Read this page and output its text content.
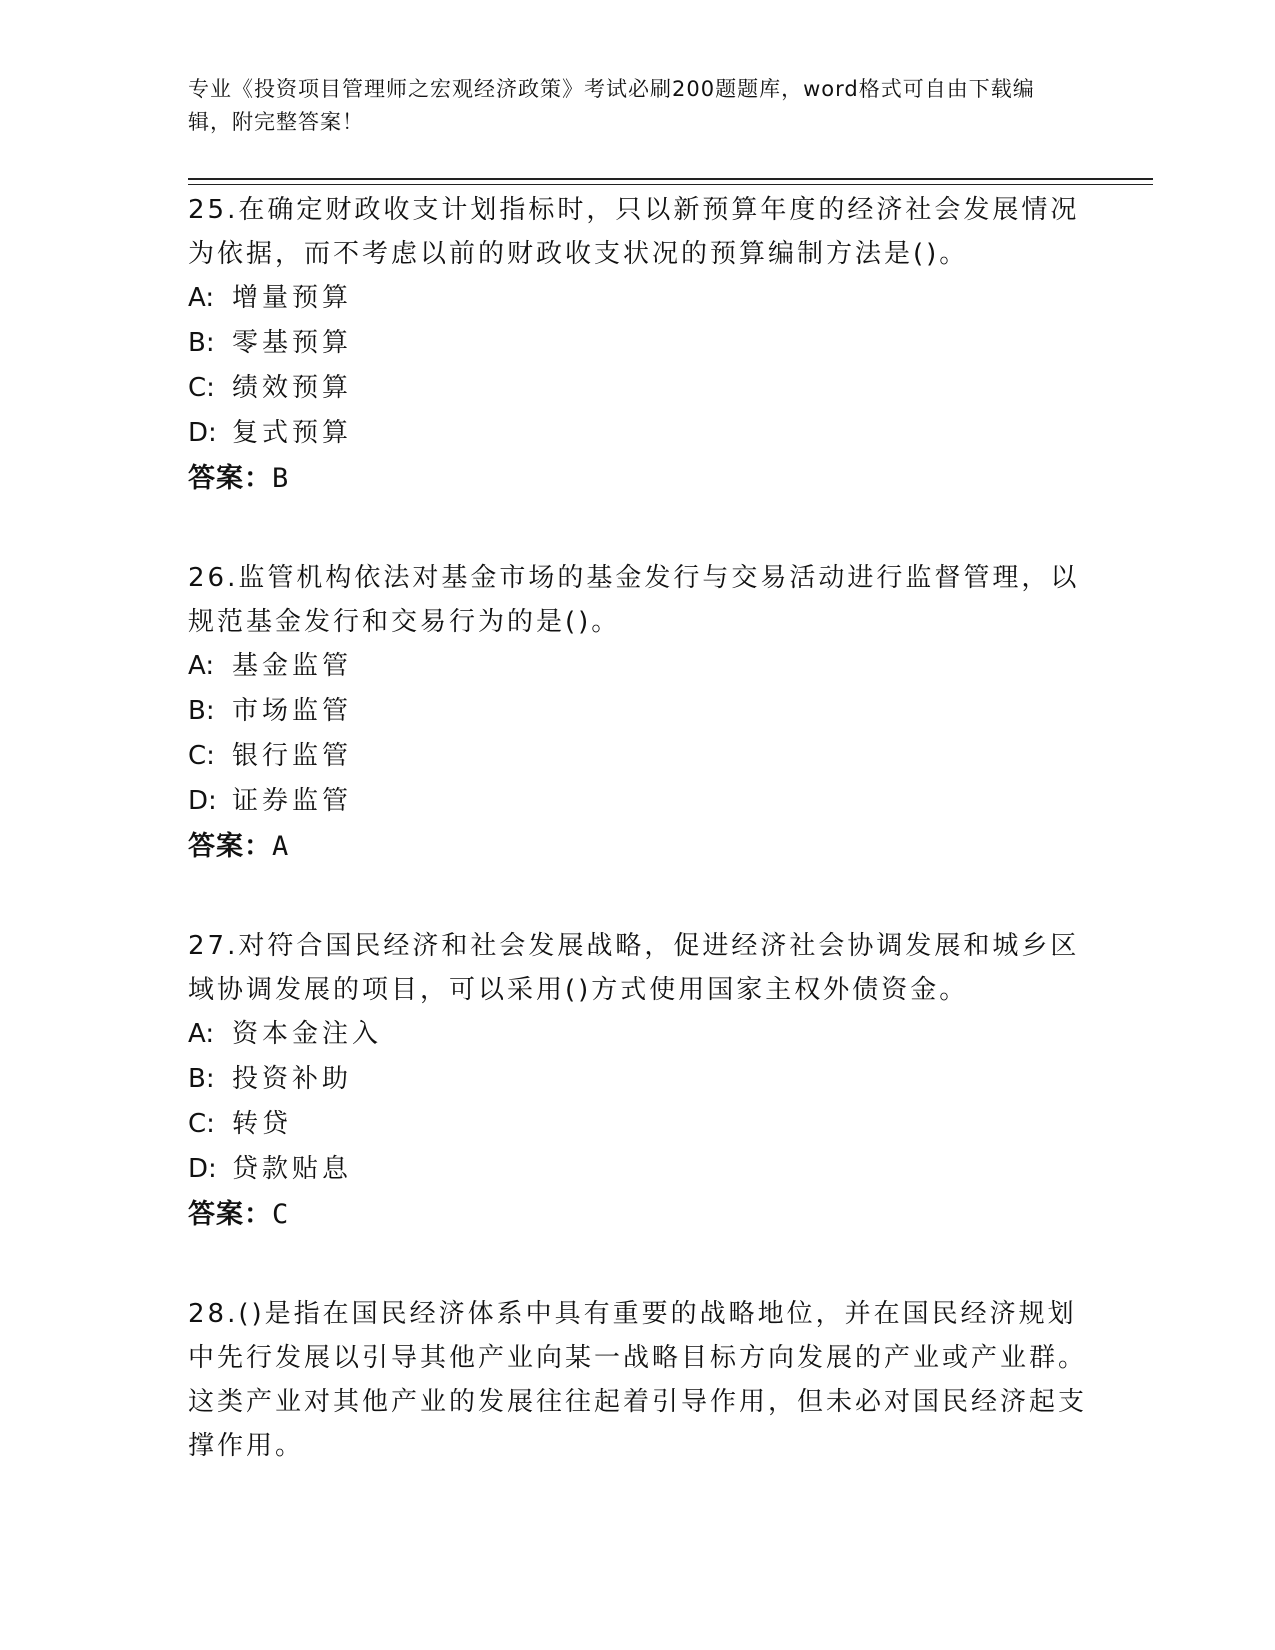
专业《投资项目管理师之宏观经济政策》考试必刷200题题库，word格式可自由下载编辑，附完整答案！
25.在确定财政收支计划指标时，只以新预算年度的经济社会发展情况为依据，而不考虑以前的财政收支状况的预算编制方法是()。
A: 增量预算
B: 零基预算
C: 绩效预算
D: 复式预算
答案：B
26.监管机构依法对基金市场的基金发行与交易活动进行监督管理，以规范基金发行和交易行为的是()。
A: 基金监管
B: 市场监管
C: 银行监管
D: 证券监管
答案：A
27.对符合国民经济和社会发展战略，促进经济社会协调发展和城乡区域协调发展的项目，可以采用()方式使用国家主权外债资金。
A: 资本金注入
B: 投资补助
C: 转贷
D: 贷款贴息
答案：C
28.()是指在国民经济体系中具有重要的战略地位，并在国民经济规划中先行发展以引导其他产业向某一战略目标方向发展的产业或产业群。这类产业对其他产业的发展往往起着引导作用，但未必对国民经济起支撑作用。
